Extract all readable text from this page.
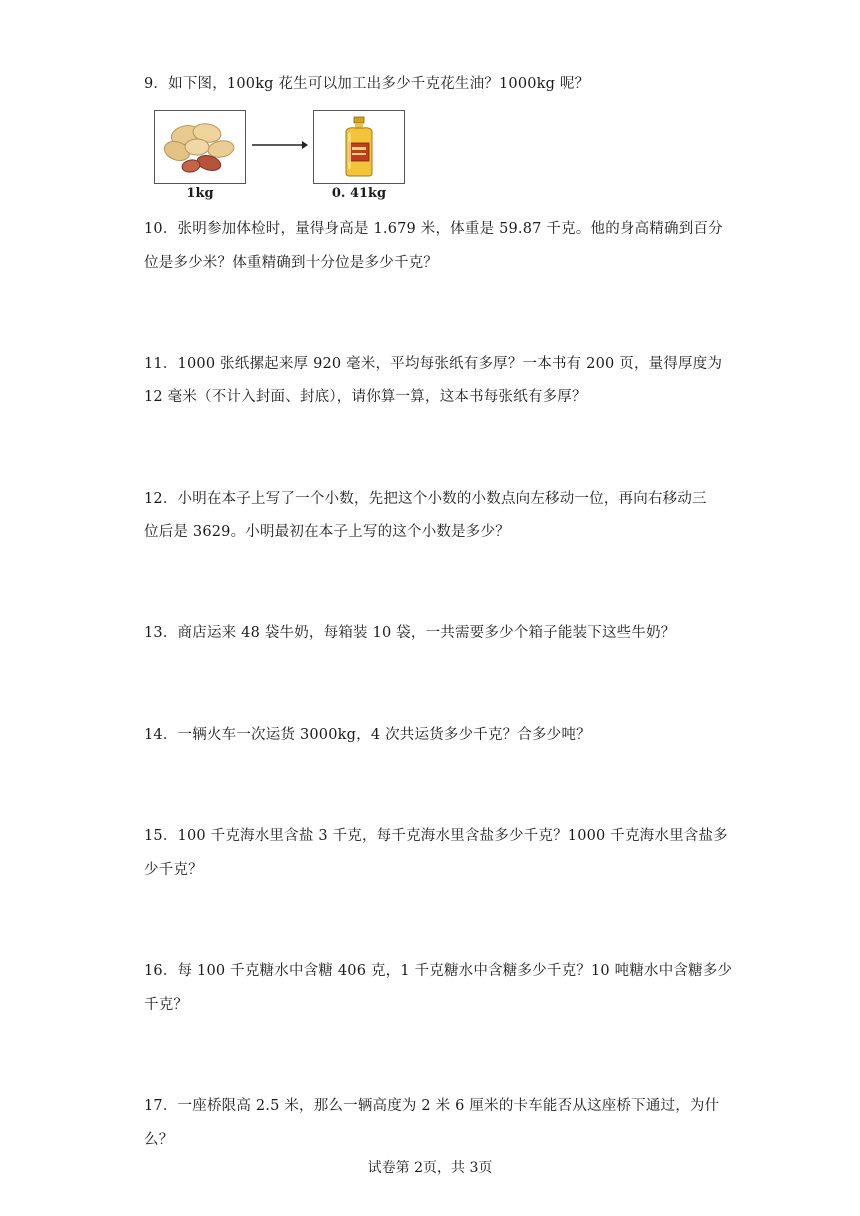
9．如下图，100kg 花生可以加工出多少千克花生油？1000kg 呢？
1kg	0. 41kg
10．张明参加体检时，量得身高是 1.679 米，体重是 59.87 千克。他的身高精确到百分
位是多少米？体重精确到十分位是多少千克？
11．1000 张纸摞起来厚 920 毫米，平均每张纸有多厚？一本书有 200 页，量得厚度为
12 毫米（不计入封面、封底），请你算一算，这本书每张纸有多厚？
12．小明在本子上写了一个小数，先把这个小数的小数点向左移动一位，再向右移动三
位后是 3629。小明最初在本子上写的这个小数是多少？
13．商店运来 48 袋牛奶，每箱装 10 袋，一共需要多少个箱子能装下这些牛奶？
14．一辆火车一次运货 3000kg，4 次共运货多少千克？合多少吨？
15．100 千克海水里含盐 3 千克，每千克海水里含盐多少千克？1000 千克海水里含盐多
少千克？
16．每 100 千克糖水中含糖 406 克，1 千克糖水中含糖多少千克？10 吨糖水中含糖多少
千克？
17．一座桥限高 2.5 米，那么一辆高度为 2 米 6 厘米的卡车能否从这座桥下通过，为什
么？
试卷第 2页，共 3页
